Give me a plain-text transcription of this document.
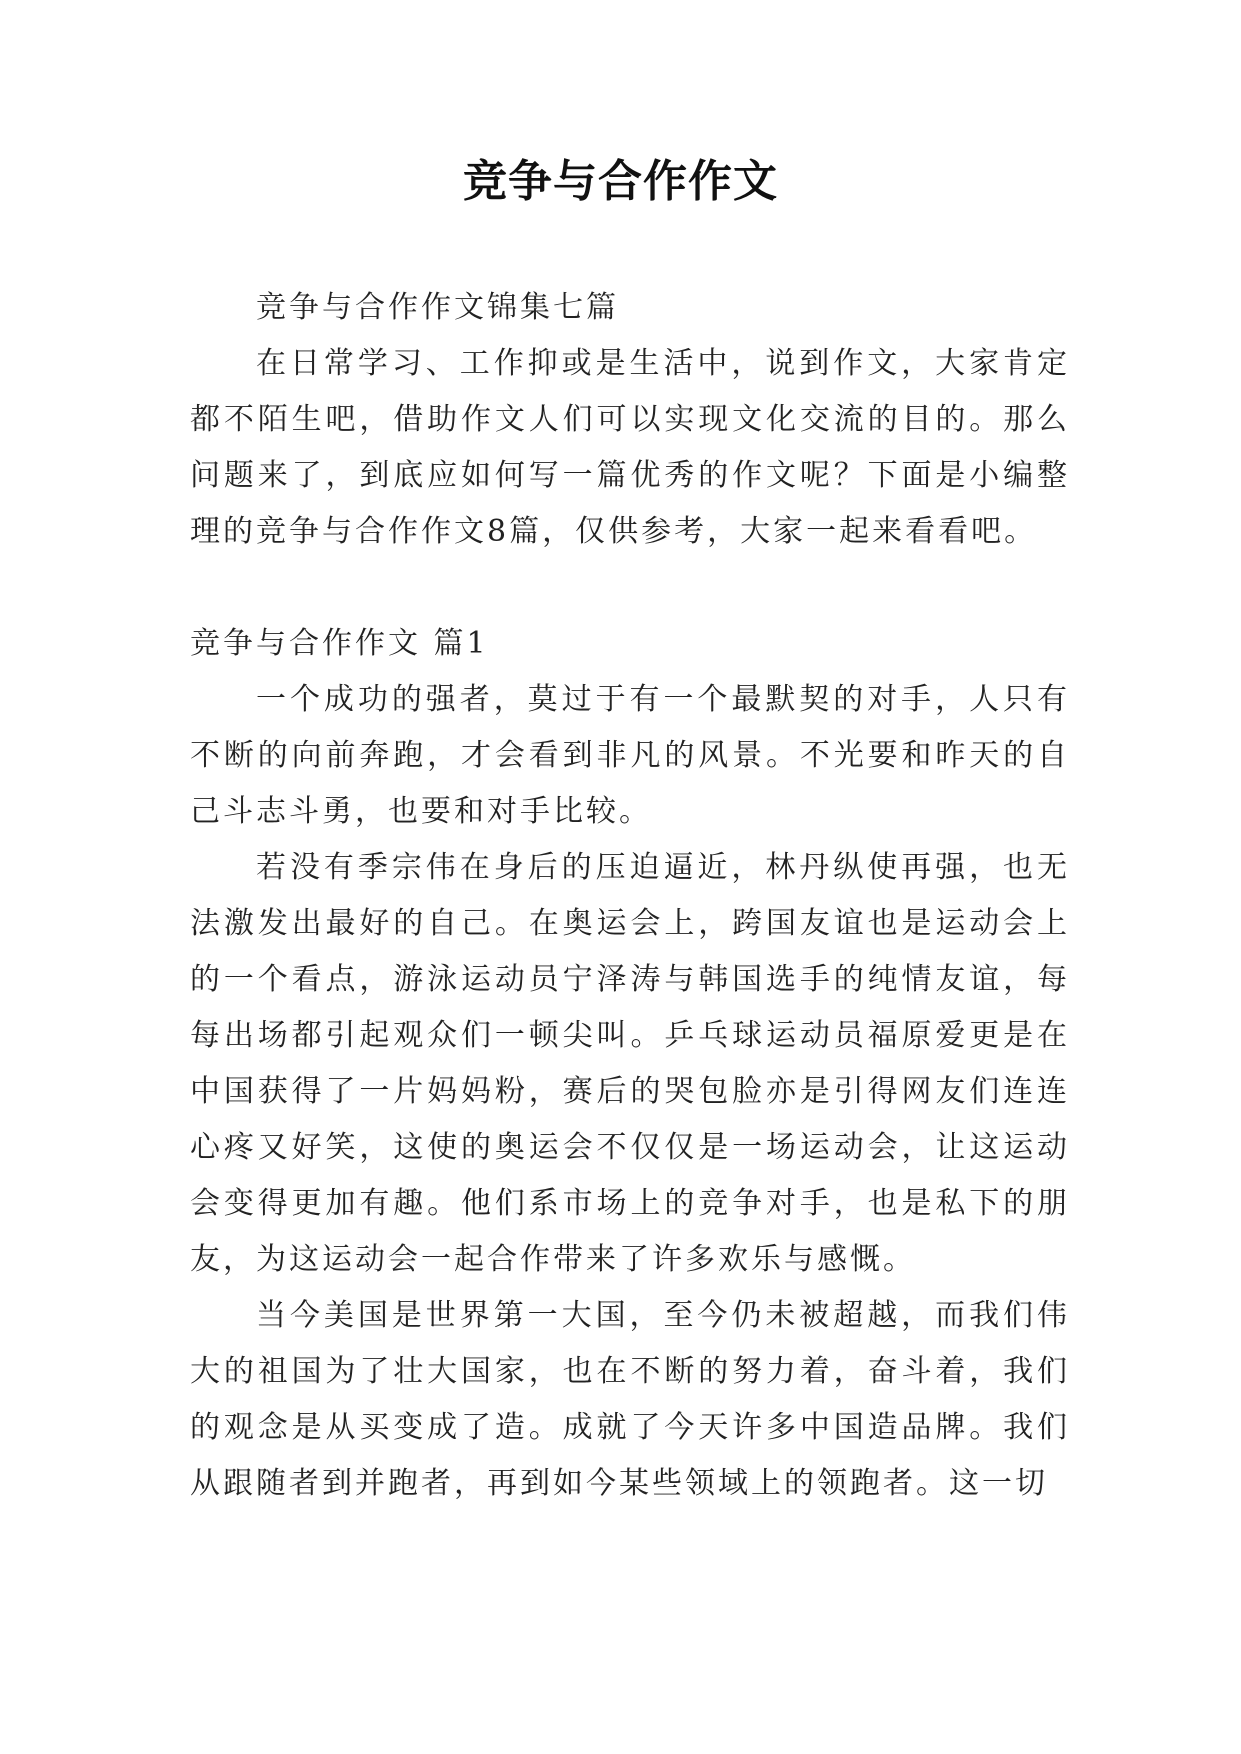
竞争与合作作文

竞争与合作作文锦集七篇

在日常学习、工作抑或是生活中，说到作文，大家肯定都不陌生吧，借助作文人们可以实现文化交流的目的。那么问题来了，到底应如何写一篇优秀的作文呢？下面是小编整理的竞争与合作作文8篇，仅供参考，大家一起来看看吧。

竞争与合作作文 篇1

一个成功的强者，莫过于有一个最默契的对手，人只有不断的向前奔跑，才会看到非凡的风景。不光要和昨天的自己斗志斗勇，也要和对手比较。

若没有季宗伟在身后的压迫逼近，林丹纵使再强，也无法激发出最好的自己。在奥运会上，跨国友谊也是运动会上的一个看点，游泳运动员宁泽涛与韩国选手的纯情友谊，每每出场都引起观众们一顿尖叫。乒乓球运动员福原爱更是在中国获得了一片妈妈粉，赛后的哭包脸亦是引得网友们连连心疼又好笑，这使的奥运会不仅仅是一场运动会，让这运动会变得更加有趣。他们系市场上的竞争对手，也是私下的朋友，为这运动会一起合作带来了许多欢乐与感慨。

当今美国是世界第一大国，至今仍未被超越，而我们伟大的祖国为了壮大国家，也在不断的努力着，奋斗着，我们的观念是从买变成了造。成就了今天许多中国造品牌。我们从跟随者到并跑者，再到如今某些领域上的领跑者。这一切
